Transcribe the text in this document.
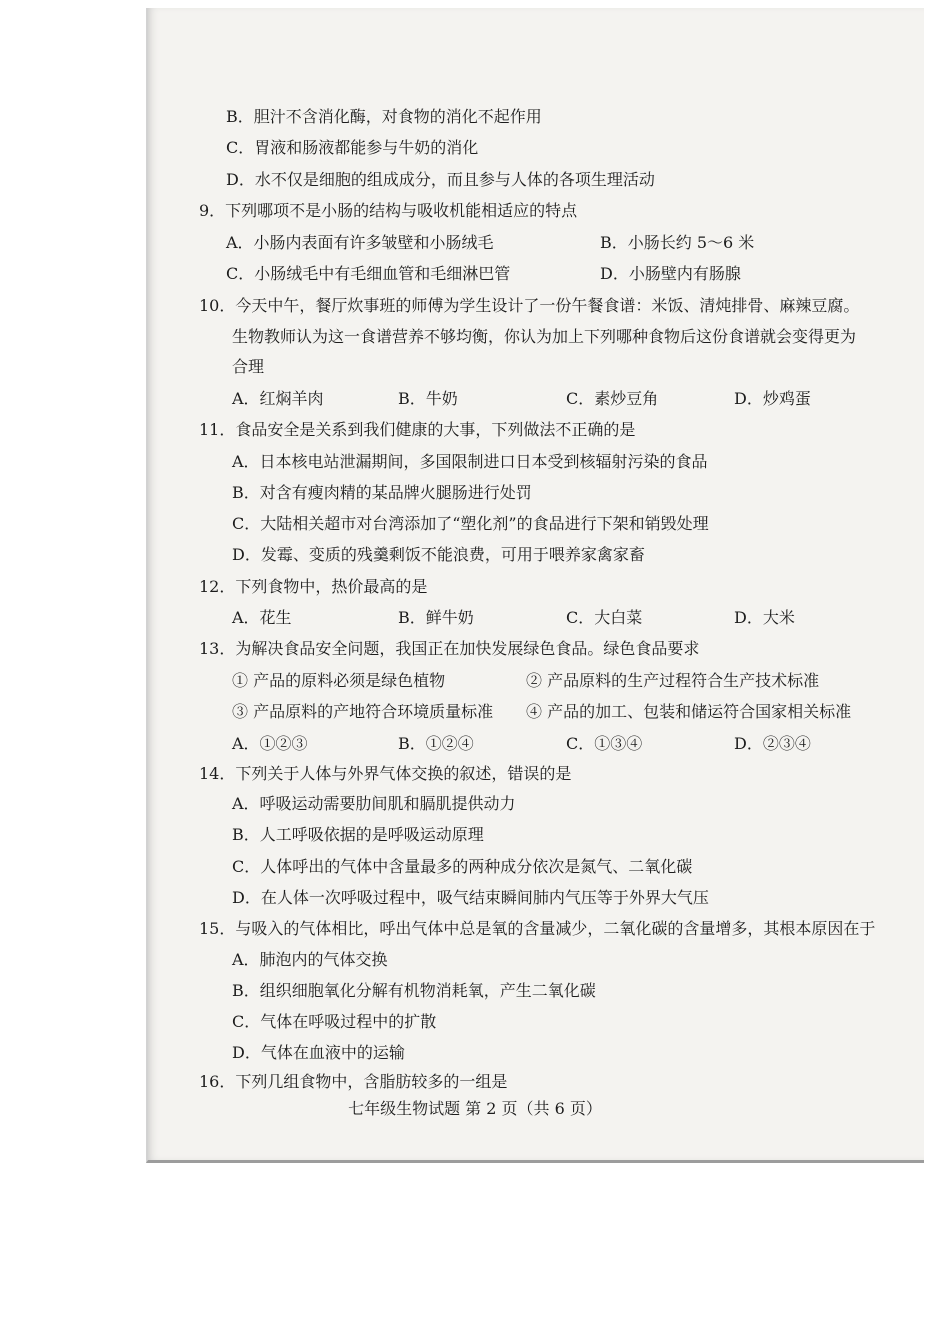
B．胆汁不含消化酶，对食物的消化不起作用
C．胃液和肠液都能参与牛奶的消化
D．水不仅是细胞的组成成分，而且参与人体的各项生理活动
9．下列哪项不是小肠的结构与吸收机能相适应的特点
A．小肠内表面有许多皱壁和小肠绒毛	B．小肠长约 5～6 米
C．小肠绒毛中有毛细血管和毛细淋巴管	D．小肠壁内有肠腺
10．今天中午，餐厅炊事班的师傅为学生设计了一份午餐食谱：米饭、清炖排骨、麻辣豆腐。
生物教师认为这一食谱营养不够均衡，你认为加上下列哪种食物后这份食谱就会变得更为
合理
A．红焖羊肉	B．牛奶	C．素炒豆角	D．炒鸡蛋
11．食品安全是关系到我们健康的大事，下列做法不正确的是
A．日本核电站泄漏期间，多国限制进口日本受到核辐射污染的食品
B．对含有瘦肉精的某品牌火腿肠进行处罚
C．大陆相关超市对台湾添加了“塑化剂”的食品进行下架和销毁处理
D．发霉、变质的残羹剩饭不能浪费，可用于喂养家禽家畜
12．下列食物中，热价最高的是
A．花生	B．鲜牛奶	C．大白菜	D．大米
13．为解决食品安全问题，我国正在加快发展绿色食品。绿色食品要求
① 产品的原料必须是绿色植物	② 产品原料的生产过程符合生产技术标准
③ 产品原料的产地符合环境质量标准 ④ 产品的加工、包装和储运符合国家相关标准
A．①②③	B．①②④	C．①③④	D．②③④
14．下列关于人体与外界气体交换的叙述，错误的是
A．呼吸运动需要肋间肌和膈肌提供动力
B．人工呼吸依据的是呼吸运动原理
C．人体呼出的气体中含量最多的两种成分依次是氮气、二氧化碳
D．在人体一次呼吸过程中，吸气结束瞬间肺内气压等于外界大气压
15．与吸入的气体相比，呼出气体中总是氧的含量减少，二氧化碳的含量增多，其根本原因在于
A．肺泡内的气体交换
B．组织细胞氧化分解有机物消耗氧，产生二氧化碳
C．气体在呼吸过程中的扩散
D．气体在血液中的运输
16．下列几组食物中，含脂肪较多的一组是
七年级生物试题 第 2 页（共 6 页）
